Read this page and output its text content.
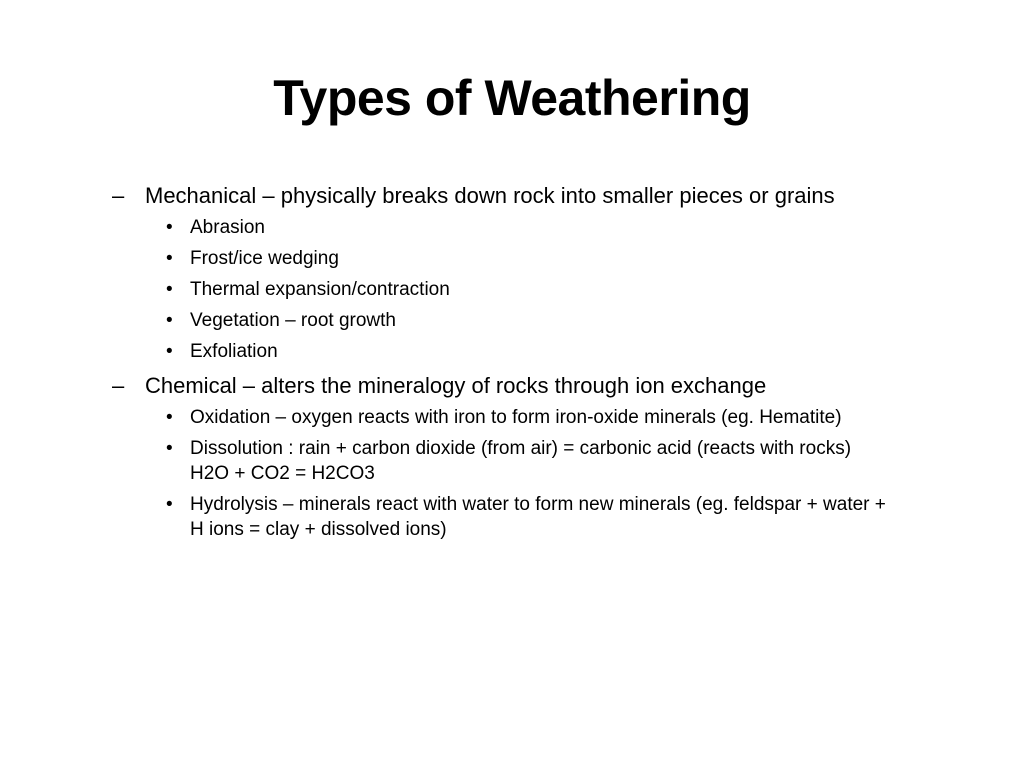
Types of Weathering
– Mechanical – physically breaks down rock into smaller pieces or grains
• Abrasion
• Frost/ice wedging
• Thermal expansion/contraction
• Vegetation – root growth
• Exfoliation
– Chemical – alters the mineralogy of rocks through ion exchange
• Oxidation – oxygen reacts with iron to form iron-oxide minerals (eg. Hematite)
• Dissolution : rain + carbon dioxide (from air) = carbonic acid (reacts with rocks) H2O + CO2 = H2CO3
• Hydrolysis – minerals react with water to form new minerals (eg. feldspar + water + H ions = clay + dissolved ions)
